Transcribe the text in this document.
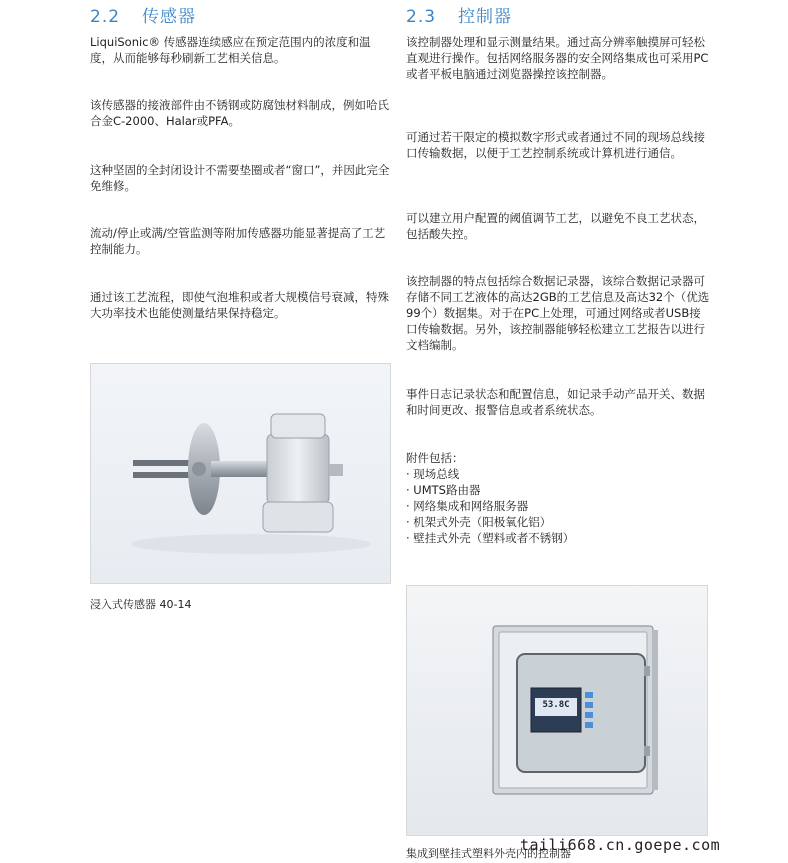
2.2 传感器

LiquiSonic® 传感器连续感应在预定范围内的浓度和温度，从而能够每秒刷新工艺相关信息。

该传感器的接液部件由不锈钢或防腐蚀材料制成，例如哈氏合金C-2000、Halar或PFA。

这种坚固的全封闭设计不需要垫圈或者“窗口”，并因此完全免维修。

流动/停止或满/空管监测等附加传感器功能显著提高了工艺控制能力。

通过该工艺流程，即使气泡堆积或者大规模信号衰减，特殊大功率技术也能使测量结果保持稳定。

浸入式传感器 40-14
2.3 控制器

该控制器处理和显示测量结果。通过高分辨率触摸屏可轻松直观进行操作。包括网络服务器的安全网络集成也可采用PC或者平板电脑通过浏览器操控该控制器。

可通过若干限定的模拟数字形式或者通过不同的现场总线接口传输数据，以便于工艺控制系统或计算机进行通信。

可以建立用户配置的阈值调节工艺，以避免不良工艺状态，包括酸失控。

该控制器的特点包括综合数据记录器，该综合数据记录器可存储不同工艺液体的高达2GB的工艺信息及高达32个（优选99个）数据集。对于在PC上处理，可通过网络或者USB接口传输数据。另外，该控制器能够轻松建立工艺报告以进行文档编制。

事件日志记录状态和配置信息，如记录手动产品开关、数据和时间更改、报警信息或者系统状态。

附件包括：
· 现场总线
· UMTS路由器
· 网络集成和网络服务器
· 机架式外壳（阳极氧化铝）
· 壁挂式外壳（塑料或者不锈钢）
53.8C
集成到壁挂式塑料外壳内的控制器
taili668.cn.goepe.com
